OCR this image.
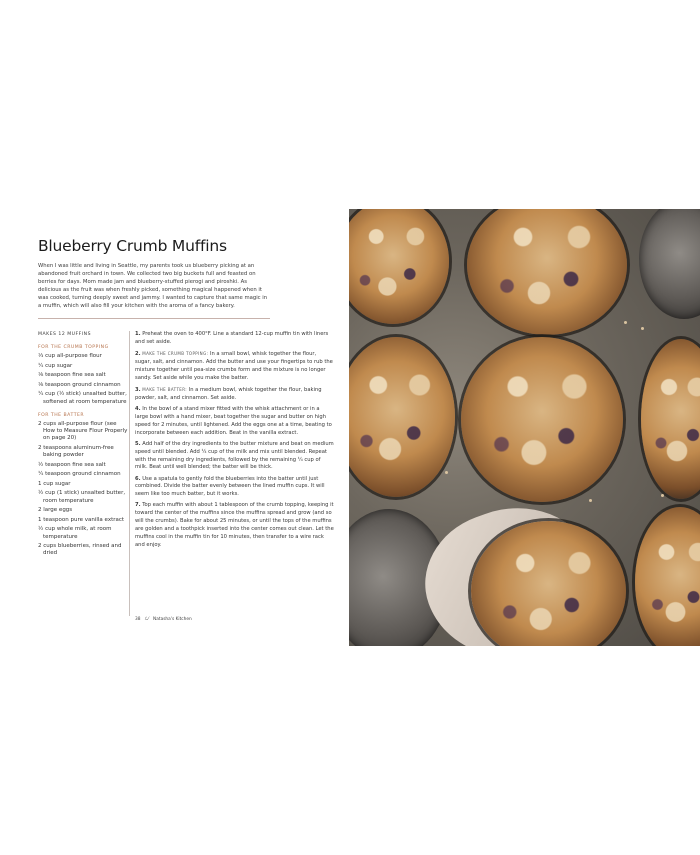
Blueberry Crumb Muffins

When I was little and living in Seattle, my parents took us blueberry picking at an abandoned fruit orchard in town. We collected two big buckets full and feasted on berries for days. Mom made jam and blueberry-stuffed pierogi and piroshki. As delicious as the fruit was when freshly picked, something magical happened when it was cooked, turning deeply sweet and jammy. I wanted to capture that same magic in a muffin, which will also fill your kitchen with the aroma of a fancy bakery.

MAKES 12 MUFFINS
FOR THE CRUMB TOPPING
⅓ cup all-purpose flour
¼ cup sugar
⅛ teaspoon fine sea salt
⅛ teaspoon ground cinnamon
¼ cup (½ stick) unsalted butter, softened at room temperature
FOR THE BATTER
2 cups all-purpose flour (see How to Measure Flour Properly on page 20)
2 teaspoons aluminum-free baking powder
½ teaspoon fine sea salt
¼ teaspoon ground cinnamon
1 cup sugar
½ cup (1 stick) unsalted butter, room temperature
2 large eggs
1 teaspoon pure vanilla extract
½ cup whole milk, at room temperature
2 cups blueberries, rinsed and dried

1. Preheat the oven to 400°F. Line a standard 12-cup muffin tin with liners and set aside.

2. MAKE THE CRUMB TOPPING: In a small bowl, whisk together the flour, sugar, salt, and cinnamon. Add the butter and use your fingertips to rub the mixture together until pea-size crumbs form and the mixture is no longer sandy. Set aside while you make the batter.

3. MAKE THE BATTER: In a medium bowl, whisk together the flour, baking powder, salt, and cinnamon. Set aside.

4. In the bowl of a stand mixer fitted with the whisk attachment or in a large bowl with a hand mixer, beat together the sugar and butter on high speed for 2 minutes, until lightened. Add the eggs one at a time, beating to incorporate between each addition. Beat in the vanilla extract.

5. Add half of the dry ingredients to the butter mixture and beat on medium speed until blended. Add ¼ cup of the milk and mix until blended. Repeat with the remaining dry ingredients, followed by the remaining ¼ cup of milk. Beat until well blended; the batter will be thick.

6. Use a spatula to gently fold the blueberries into the batter until just combined. Divide the batter evenly between the lined muffin cups. It will seem like too much batter, but it works.

7. Top each muffin with about 1 tablespoon of the crumb topping, keeping it toward the center of the muffins since the muffins spread and grow (and so will the crumbs). Bake for about 25 minutes, or until the tops of the muffins are golden and a toothpick inserted into the center comes out clean. Let the muffins cool in the muffin tin for 10 minutes, then transfer to a wire rack and enjoy.

38 ℒ⁄ Natasha's Kitchen
